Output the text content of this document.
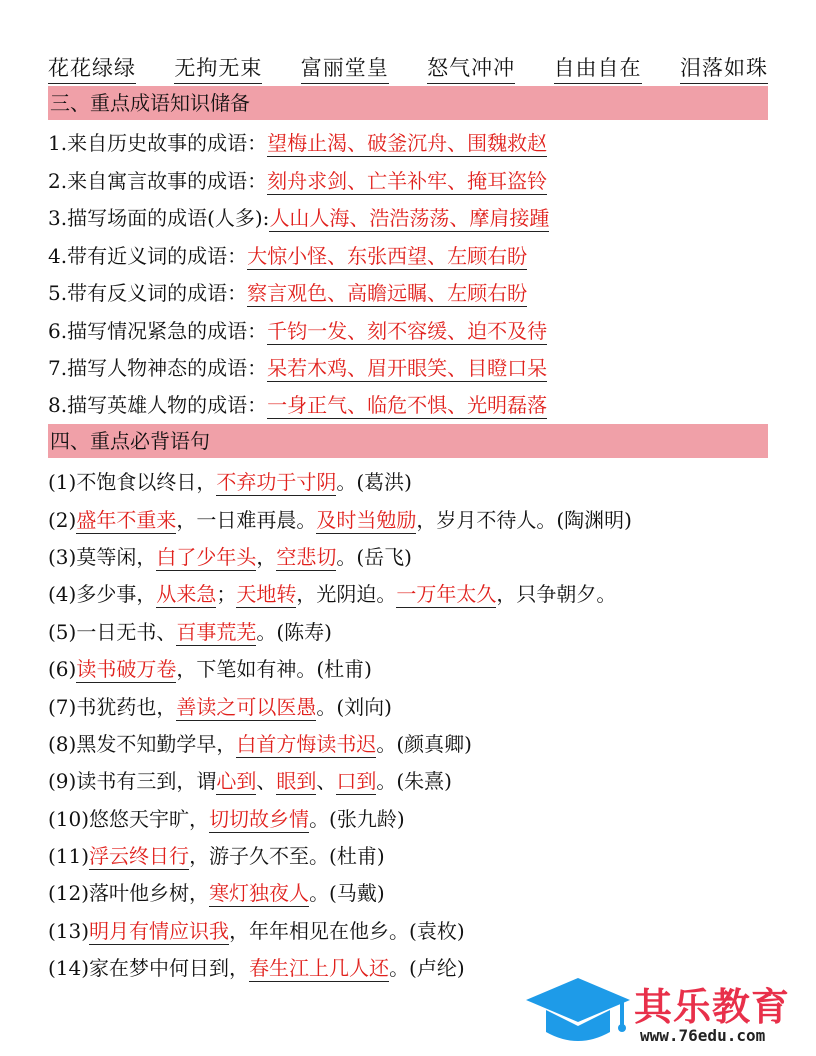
花花绿绿 无拘无束 富丽堂皇 怒气冲冲 自由自在 泪落如珠
三、重点成语知识储备
1.来自历史故事的成语：望梅止渴、破釜沉舟、围魏救赵
2.来自寓言故事的成语：刻舟求剑、亡羊补牢、掩耳盗铃
3.描写场面的成语(人多):人山人海、浩浩荡荡、摩肩接踵
4.带有近义词的成语：大惊小怪、东张西望、左顾右盼
5.带有反义词的成语：察言观色、高瞻远瞩、左顾右盼
6.描写情况紧急的成语：千钧一发、刻不容缓、迫不及待
7.描写人物神态的成语：呆若木鸡、眉开眼笑、目瞪口呆
8.描写英雄人物的成语：一身正气、临危不惧、光明磊落
四、重点必背语句
(1)不饱食以终日，不弃功于寸阴。(葛洪)
(2)盛年不重来，一日难再晨。及时当勉励，岁月不待人。(陶渊明)
(3)莫等闲，白了少年头，空悲切。(岳飞)
(4)多少事，从来急；天地转，光阴迫。一万年太久，只争朝夕。
(5)一日无书、百事荒芜。(陈寿)
(6)读书破万卷，下笔如有神。(杜甫)
(7)书犹药也，善读之可以医愚。(刘向)
(8)黑发不知勤学早，白首方悔读书迟。(颜真卿)
(9)读书有三到，谓心到、眼到、口到。(朱熹)
(10)悠悠天宇旷，切切故乡情。(张九龄)
(11)浮云终日行，游子久不至。(杜甫)
(12)落叶他乡树，寒灯独夜人。(马戴)
(13)明月有情应识我，年年相见在他乡。(袁枚)
(14)家在梦中何日到，春生江上几人还。(卢纶)
其乐教育
www.76edu.com
